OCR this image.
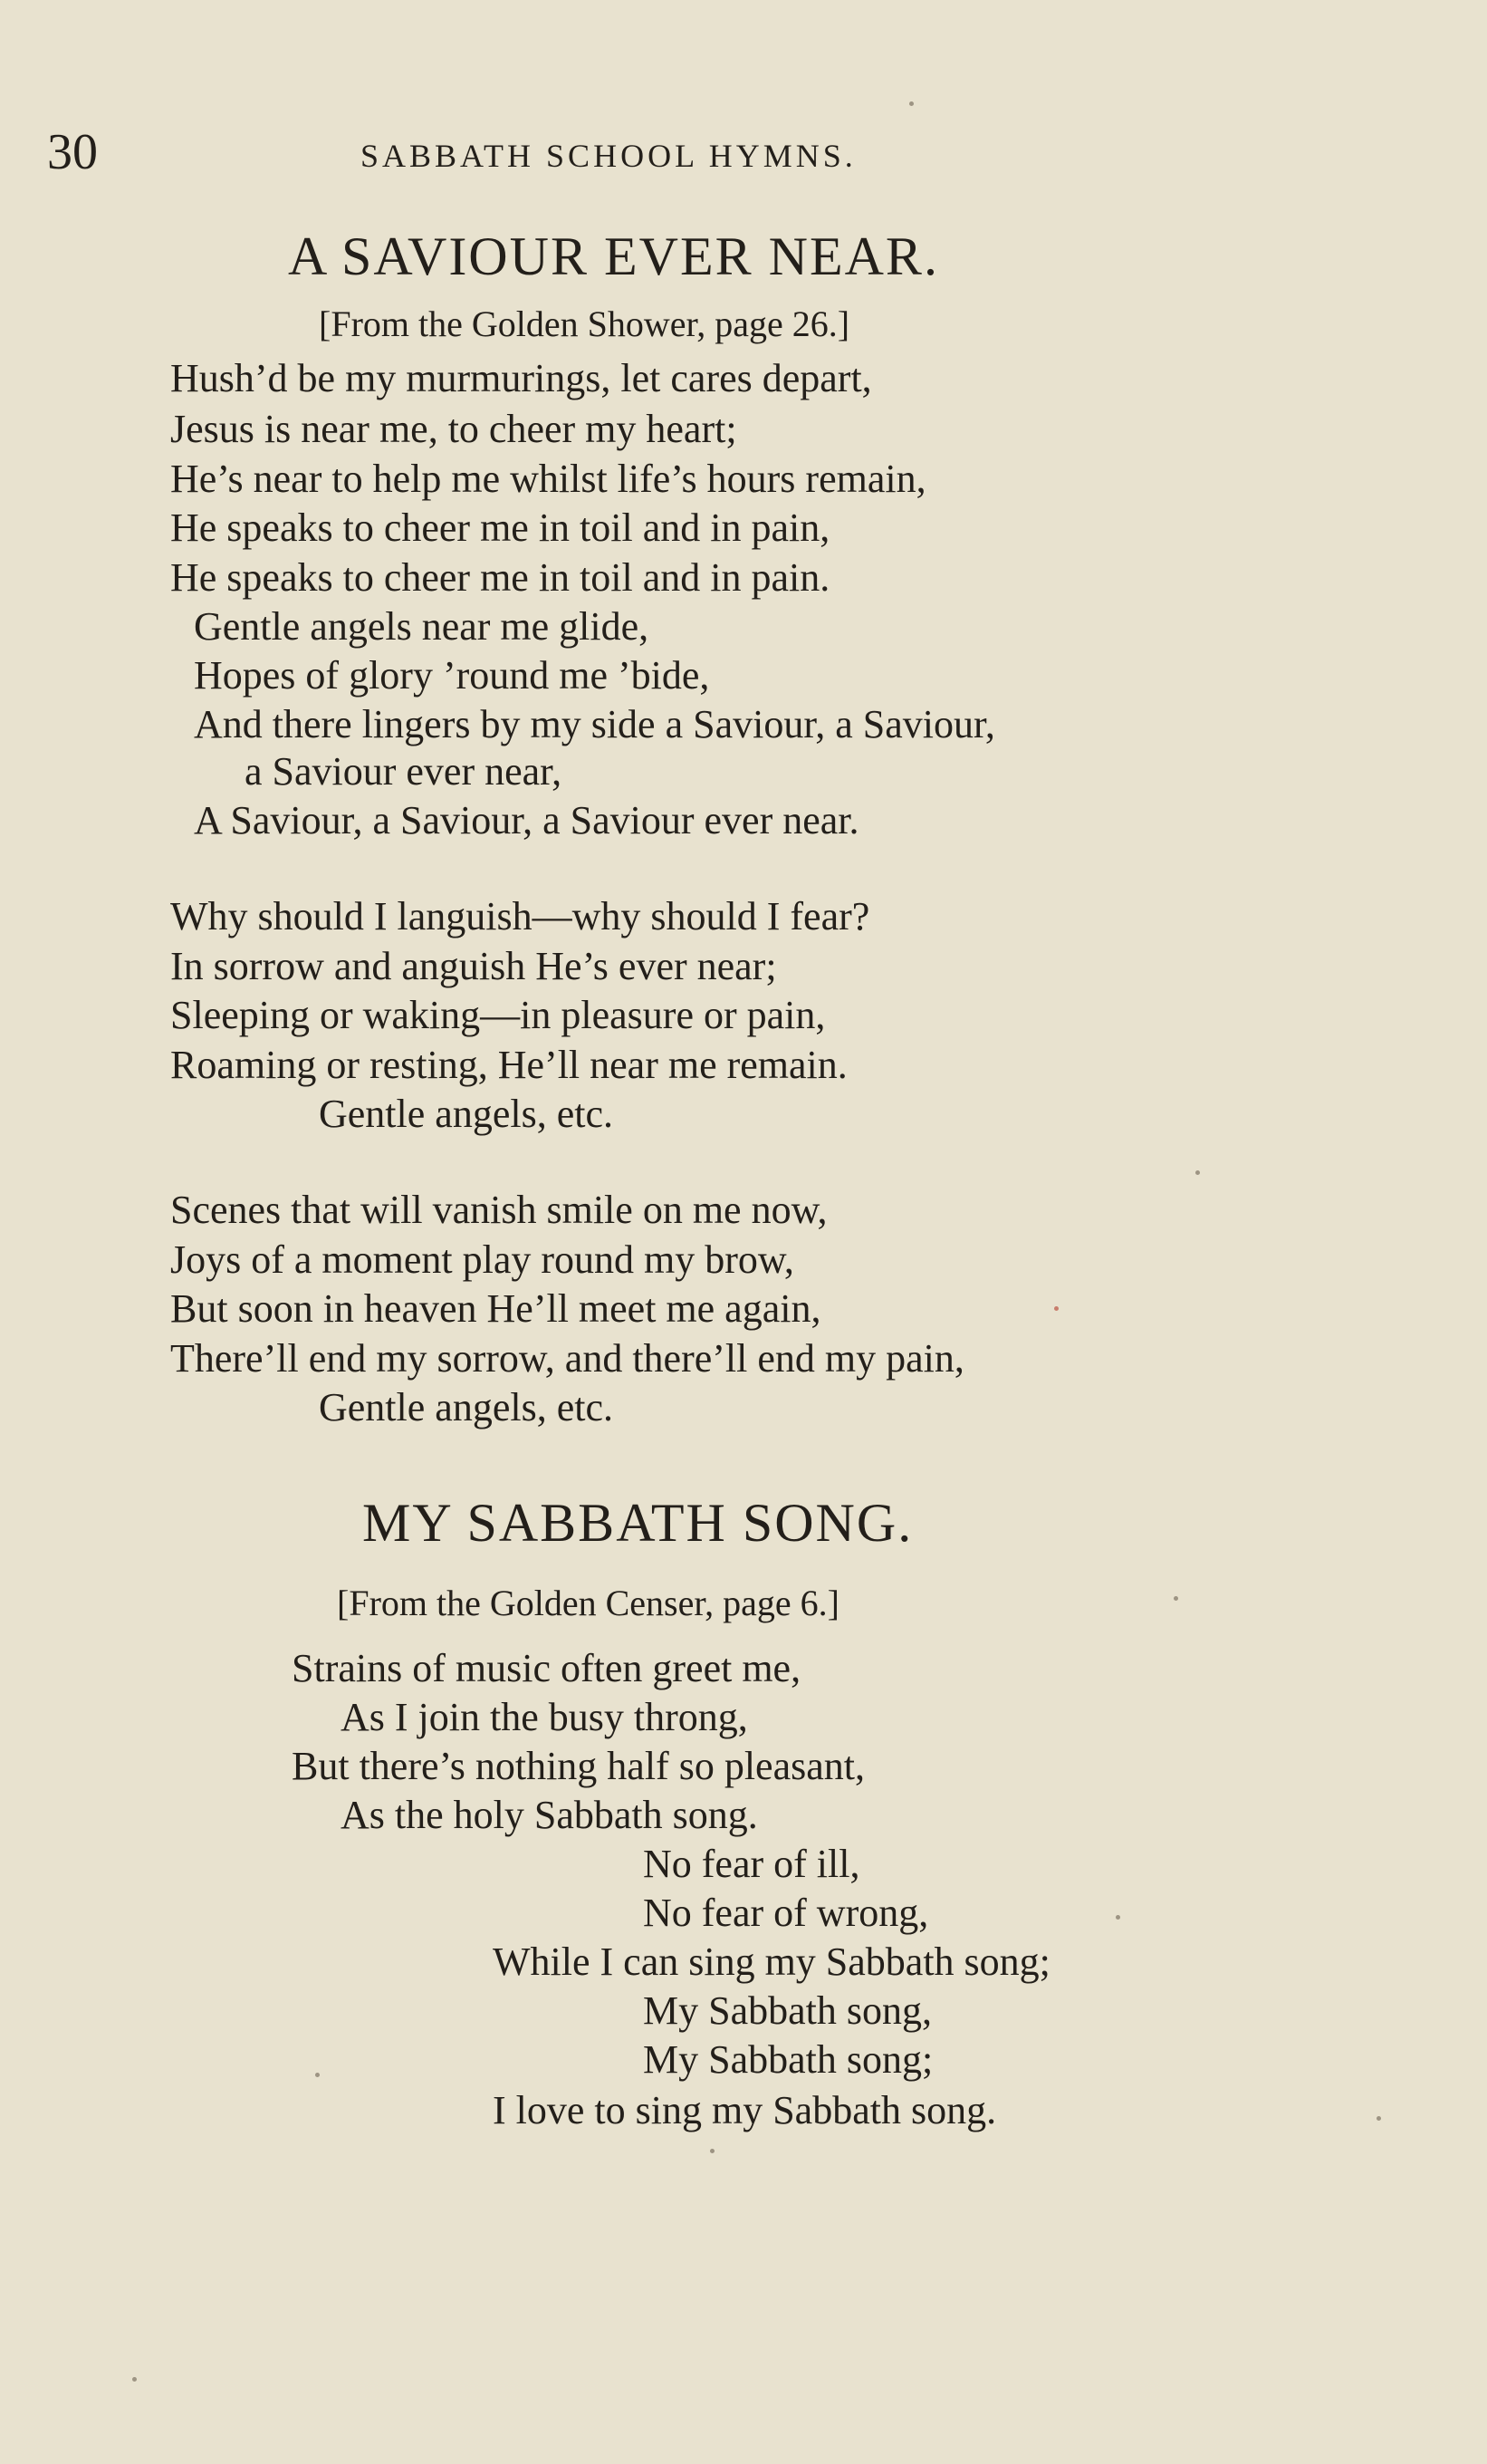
30	SABBATH SCHOOL HYMNS.
A SAVIOUR EVER NEAR.
[From the Golden Shower, page 26.]
Hush’d be my murmurings, let cares depart,
Jesus is near me, to cheer my heart;
He’s near to help me whilst life’s hours remain,
He speaks to cheer me in toil and in pain,
He speaks to cheer me in toil and in pain.
Gentle angels near me glide,
Hopes of glory ’round me ’bide,
And there lingers by my side a Saviour, a Saviour,
a Saviour ever near,
A Saviour, a Saviour, a Saviour ever near.
Why should I languish—why should I fear?
In sorrow and anguish He’s ever near;
Sleeping or waking—in pleasure or pain,
Roaming or resting, He’ll near me remain.
Gentle angels, etc.
Scenes that will vanish smile on me now,
Joys of a moment play round my brow,
But soon in heaven He’ll meet me again,
There’ll end my sorrow, and there’ll end my pain,
Gentle angels, etc.
MY SABBATH SONG.
[From the Golden Censer, page 6.]
Strains of music often greet me,
As I join the busy throng,
But there’s nothing half so pleasant,
As the holy Sabbath song.
No fear of ill,
No fear of wrong,
While I can sing my Sabbath song;
My Sabbath song,
My Sabbath song;
I love to sing my Sabbath song.
